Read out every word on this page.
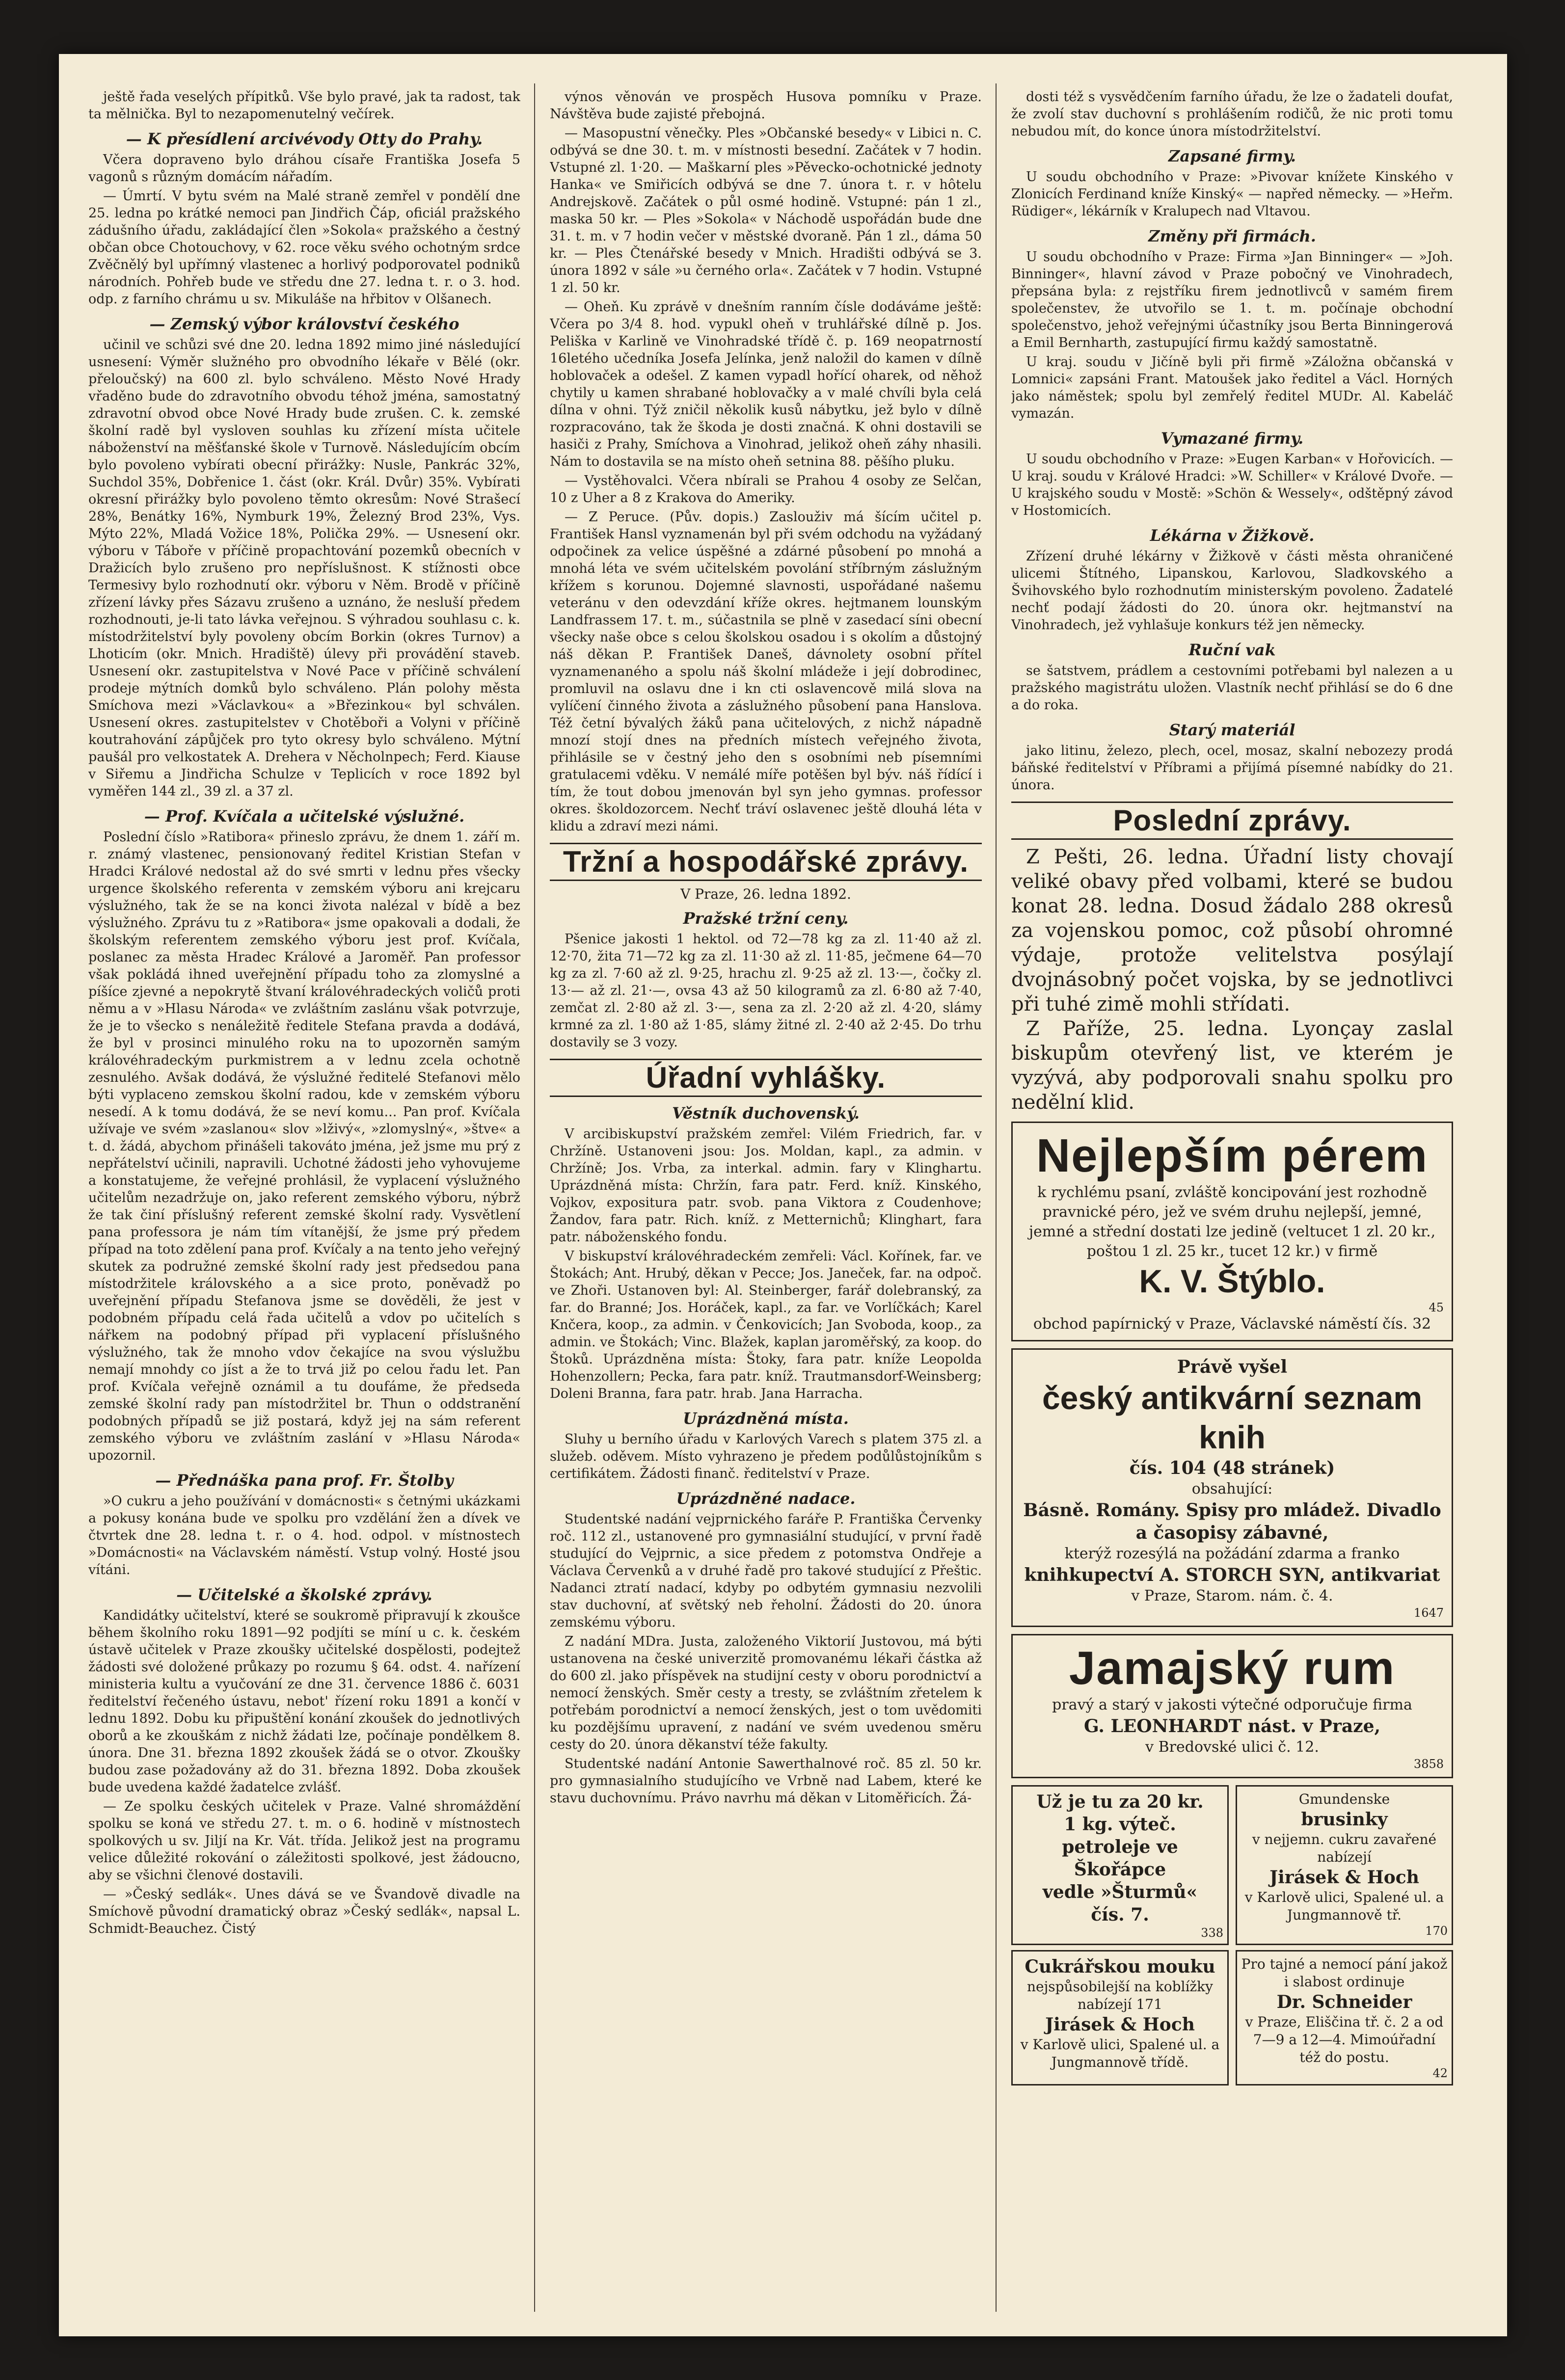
ještě řada veselých přípitků. Vše bylo pravé, jak ta radost, tak ta mělnička. Byl to nezapomenutelný večírek.

— K přesídlení arcivévody Otty do Prahy.

Včera dopraveno bylo dráhou císaře Františka Josefa 5 vagonů s různým domácím nářadím.

— Úmrtí. V bytu svém na Malé straně zemřel v pondělí dne 25. ledna po krátké nemoci pan Jindřich Čáp, oficiál pražského zádušního úřadu, zakládající člen »Sokola« pražského a čestný občan obce Chotouchovy, v 62. roce věku svého ochotným srdce Zvěčnělý byl upřímný vlastenec a horlivý podporovatel podniků národních. Pohřeb bude ve středu dne 27. ledna t. r. o 3. hod. odp. z farního chrámu u sv. Mikuláše na hřbitov v Olšanech.

— Zemský výbor království českého

učinil ve schůzi své dne 20. ledna 1892 mimo jiné následující usnesení: Výměr služného pro obvodního lékaře v Bělé (okr. přeloučský) na 600 zl. bylo schváleno. Město Nové Hrady vřaděno bude do zdravotního obvodu téhož jména, samostatný zdravotní obvod obce Nové Hrady bude zrušen. C. k. zemské školní radě byl vysloven souhlas ku zřízení místa učitele náboženství na měšťanské škole v Turnově. Následujícím obcím bylo povoleno vybírati obecní přirážky: Nusle, Pankrác 32%, Suchdol 35%, Dobřenice 1. část (okr. Král. Dvůr) 35%. Vybírati okresní přirážky bylo povoleno těmto okresům: Nové Strašecí 28%, Benátky 16%, Nymburk 19%, Železný Brod 23%, Vys. Mýto 22%, Mladá Vožice 18%, Polička 29%. — Usnesení okr. výboru v Táboře v příčině propachtování pozemků obecních v Dražicích bylo zrušeno pro nepříslušnost. K stížnosti obce Termesivy bylo rozhodnutí okr. výboru v Něm. Brodě v příčině zřízení lávky přes Sázavu zrušeno a uznáno, že nesluší předem rozhodnouti, je-li tato lávka veřejnou. S výhradou souhlasu c. k. místodržitelství byly povoleny obcím Borkin (okres Turnov) a Lhoticím (okr. Mnich. Hradiště) úlevy při provádění staveb. Usnesení okr. zastupitelstva v Nové Pace v příčině schválení prodeje mýtních domků bylo schváleno. Plán polohy města Smíchova mezi »Václavkou« a »Březinkou« byl schválen. Usnesení okres. zastupitelstev v Chotěboři a Volyni v příčině koutrahování zápůjček pro tyto okresy bylo schváleno. Mýtní paušál pro velkostatek A. Dreherа v Něcholnpech; Ferd. Kiause v Siřemu a Jindřicha Schulze v Teplicích v roce 1892 byl vyměřen 144 zl., 39 zl. a 37 zl.

— Prof. Kvíčala a učitelské výslužné.

Poslední číslo »Ratibora« přineslo zprávu, že dnem 1. září m. r. známý vlastenec, pensionovaný ředitel Kristian Stefan v Hradci Králové nedostal až do své smrti v lednu přes všecky urgence školského referenta v zemském výboru ani krejcaru výslužného, tak že se na konci života nalézal v bídě a bez výslužného. Zprávu tu z »Ratibora« jsme opakovali a dodali, že školským referentem zemského výboru jest prof. Kvíčala, poslanec za města Hradec Králové a Jaroměř. Pan professor však pokládá ihned uveřejnění případu toho za zlomyslné a píšíce zjevné a nepokrytě štvaní královéhradeckých voličů proti němu a v »Hlasu Národa« ve zvláštním zaslánu však potvrzuje, že je to všecko s nenáležitě ředitele Stefana pravda a dodává, že byl v prosinci minulého roku na to upozorněn samým královéhradeckým purkmistrem a v lednu zcela ochotně zesnulého. Avšak dodává, že výslužné ředitelé Stefanovi mělo býti vyplaceno zemskou školní radou, kde v zemském výboru nesedí. A k tomu dodává, že se neví komu... Pan prof. Kvíčala užívaje ve svém »zaslanou« slov »lživý«, »zlomyslný«, »štve« a t. d. žádá, abychom přinášeli takováto jména, jež jsme mu prý z nepřátelství učinili, napravili. Uchotné žádosti jeho vyhovujeme a konstatujeme, že veřejné prohlásil, že vyplacení výslužného učitelům nezadržuje on, jako referent zemského výboru, nýbrž že tak činí příslušný referent zemské školní rady. Vysvětlení pana professora je nám tím vítanější, že jsme prý předem případ na toto zdělení pana prof. Kvíčaly a na tento jeho veřejný skutek za podružné zemské školní rady jest předsedou pana místodržitele královského a a sice proto, poněvadž po uveřejnění případu Stefanova jsme se dověděli, že jest v podobném případu celá řada učitelů a vdov po učitelích s nářkem na podobný případ při vyplacení příslušného výslužného, tak že mnoho vdov čekajíce na svou výslužbu nemají mnohdy co jíst a že to trvá již po celou řadu let. Pan prof. Kvíčala veřejně oznámil a tu doufáme, že předseda zemské školní rady pan místodržitel br. Thun o oddstranění podobných případů se již postará, když jej na sám referent zemského výboru ve zvláštním zaslání v »Hlasu Národa« upozornil.

— Přednáška pana prof. Fr. Štolby

»O cukru a jeho používání v domácnosti« s četnými ukázkami a pokusy konána bude ve spolku pro vzdělání žen a dívek ve čtvrtek dne 28. ledna t. r. o 4. hod. odpol. v místnostech »Domácnosti« na Václavském náměstí. Vstup volný. Hosté jsou vítáni.

— Učitelské a školské zprávy.

Kandidátky učitelství, které se soukromě připravují k zkoušce během školního roku 1891—92 podjíti se míní u c. k. českém ústavě učitelek v Praze zkoušky učitelské dospělosti, podejtež žádosti své doložené průkazy po rozumu § 64. odst. 4. nařízení ministeria kultu a vyučování ze dne 31. července 1886 č. 6031 ředitelství řečeného ústavu, nebot' řízení roku 1891 a končí v lednu 1892. Dobu ku připuštění konání zkoušek do jednotlivých oborů a ke zkouškám z nichž žádati lze, počínaje pondělkem 8. února. Dne 31. března 1892 zkoušek žádá se o otvor. Zkoušky budou zase požadovány až do 31. března 1892. Doba zkoušek bude uvedena každé žadatelce zvlášť.

— Ze spolku českých učitelek v Praze. Valné shromáždění spolku se koná ve středu 27. t. m. o 6. hodině v místnostech spolkových u sv. Jiljí na Kr. Vát. třída. Jelikož jest na programu velice důležité rokování o záležitosti spolkové, jest žádoucno, aby se všichni členové dostavili.

— »Český sedlák«. Unes dává se ve Švandově divadle na Smíchově původní dramatický obraz »Český sedlák«, napsal L. Schmidt-Beauchez. Čistý

výnos věnován ve prospěch Husova pomníku v Praze. Návštěva bude zajisté přebojná.

— Masopustní věnečky. Ples »Občanské besedy« v Libici n. C. odbývá se dne 30. t. m. v místnosti besední. Začátek v 7 hodin. Vstupné zl. 1·20. — Maškarní ples »Pěvecko-ochotnické jednoty Hanka« ve Smiřicích odbývá se dne 7. února t. r. v hôtelu Andrejskově. Začátek o půl osmé hodině. Vstupné: pán 1 zl., maska 50 kr. — Ples »Sokola« v Náchodě uspořádán bude dne 31. t. m. v 7 hodin večer v městské dvoraně. Pán 1 zl., dáma 50 kr. — Ples Čtenářské besedy v Mnich. Hradišti odbývá se 3. února 1892 v sále »u černého orla«. Začátek v 7 hodin. Vstupné 1 zl. 50 kr.

— Oheň. Ku zprávě v dnešním ranním čísle dodáváme ještě: Včera po 3/4 8. hod. vypukl oheň v truhlářské dílně p. Jos. Peliška v Karlině ve Vinohradské třídě č. p. 169 neopatrností 16letého učedníka Josefa Jelínka, jenž naložil do kamen v dílně hoblovaček a odešel. Z kamen vypadl hořící oharek, od něhož chytily u kamen shrabané hoblovačky a v malé chvíli byla celá dílna v ohni. Týž zničil několik kusů nábytku, jež bylo v dílně rozpracováno, tak že škoda je dosti značná. K ohni dostavili se hasiči z Prahy, Smíchova a Vinohrad, jelikož oheň záhy nhasili. Nám to dostavila se na místo oheň setnina 88. pěšího pluku.

— Vystěhovalci. Včera nbírali se Prahou 4 osoby ze Selčan, 10 z Uher a 8 z Krakova do Ameriky.

— Z Peruce. (Pův. dopis.) Zaslouživ má šícím učitel p. František Hansl vyznamenán byl při svém odchodu na vyžádaný odpočinek za velice úspěšné a zdárné působení po mnohá a mnohá léta ve svém učitelském povolání stříbrným záslužným křížem s korunou. Dojemné slavnosti, uspořádané našemu veteránu v den odevzdání kříže okres. hejtmanem lounským Landfrassem 17. t. m., súčastnila se plně v zasedací síni obecní všecky naše obce s celou školskou osadou i s okolím a důstojný náš děkan P. František Daneš, dávnolety osobní přítel vyznamenaného a spolu náš školní mládeže i její dobrodinec, promluvil na oslavu dne i kn cti oslavencově milá slova na vylíčení činného života a záslužného působení pana Hanslova. Též četní bývalých žáků pana učitelových, z nichž nápadně mnozí stojí dnes na předních místech veřejného života, přihlásile se v čestný jeho den s osobními neb písemními gratulacemi vděku. V nemálé míře potěšen byl býv. náš řídící i tím, že tout dobou jmenován byl syn jeho gymnas. professor okres. školdozorcem. Nechť tráví oslavenec ještě dlouhá léta v klidu a zdraví mezi námi.

Tržní a hospodářské zprávy.
V Praze, 26. ledna 1892.
Pražské tržní ceny.

Pšenice jakosti 1 hektol. od 72—78 kg za zl. 11·40 až zl. 12·70, žita 71—72 kg za zl. 11·30 až zl. 11·85, ječmene 64—70 kg za zl. 7·60 až zl. 9·25, hrachu zl. 9·25 až zl. 13·—, čočky zl. 13·— až zl. 21·—, ovsa 43 až 50 kilogramů za zl. 6·80 až 7·40, zemčat zl. 2·80 až zl. 3·—, sena za zl. 2·20 až zl. 4·20, slámy krmné za zl. 1·80 až 1·85, slámy žitné zl. 2·40 až 2·45. Do trhu dostavily se 3 vozy.

Úřadní vyhlášky.
Věstník duchovenský.

V arcibiskupství pražském zemřel: Vilém Friedrich, far. v Chržíně. Ustanoveni jsou: Jos. Moldan, kapl., za admin. v Chržíně; Jos. Vrba, za interkal. admin. fary v Klinghartu. Uprázdněná místa: Chržín, fara patr. Ferd. kníž. Kinského, Vojkov, expositura patr. svob. pana Viktora z Coudenhove; Žandov, fara patr. Rich. kníž. z Metternichů; Klinghart, fara patr. náboženského fondu.

V biskupství královéhradeckém zemřeli: Václ. Kořínek, far. ve Štokách; Ant. Hrubý, děkan v Pecce; Jos. Janeček, far. na odpoč. ve Zhoři. Ustanoven byl: Al. Steinberger, farář dolebranský, za far. do Branné; Jos. Horáček, kapl., za far. ve Vorlíčkách; Karel Knčera, koop., za admin. v Čenkovicích; Jan Svoboda, koop., za admin. ve Štokách; Vinc. Blažek, kaplan jaroměřský, za koop. do Štoků. Uprázdněna místa: Štoky, fara patr. kníže Leopolda Hohenzollern; Pecka, fara patr. kníž. Trautmansdorf-Weinsberg; Doleni Branna, fara patr. hrab. Jana Harracha.

Uprázdněná místa.

Sluhy u berního úřadu v Karlových Varech s platem 375 zl. a služeb. oděvem. Místo vyhrazeno je předem podůlůstojníkům s certifikátem. Žádosti finanč. ředitelství v Praze.

Uprázdněné nadace.

Studentské nadání vejprnického faráře P. Františka Červenky roč. 112 zl., ustanovené pro gymnasiální studující, v první řadě studující do Vejprnic, a sice předem z potomstva Ondřeje a Václava Červenků a v druhé řadě pro takové studující z Přeštic. Nadanci ztratí nadací, kdyby po odbytém gymnasiu nezvolili stav duchovní, ať světský neb řeholní. Žádosti do 20. února zemskému výboru.

Z nadání MDra. Justa, založeného Viktorií Justovou, má býti ustanovena na české univerzitě promovanému lékaři částka až do 600 zl. jako příspěvek na studijní cesty v oboru porodnictví a nemocí ženských. Směr cesty a tresty, se zvláštním zřetelem k potřebám porodnictví a nemocí ženských, jest o tom uvědomiti ku pozdějšímu upravení, z nadání ve svém uvedenou směru cesty do 20. února děkanství téže fakulty.

Studentské nadání Antonie Sawerthalnové roč. 85 zl. 50 kr. pro gymnasialního studujícího ve Vrbně nad Labem, které ke stavu duchovnímu. Právo navrhu má děkan v Litoměřicích. Žá-

dosti též s vysvědčením farního úřadu, že lze o žadateli doufat, že zvolí stav duchovní s prohlášením rodičů, že nic proti tomu nebudou mít, do konce února místodržitelství.

Zapsané firmy.

U soudu obchodního v Praze: »Pivovar knížete Kinského v Zlonicích Ferdinand kníže Kinský« — napřed německy. — »Heřm. Rüdiger«, lékárník v Kralupech nad Vltavou.

Změny při firmách.

U soudu obchodního v Praze: Firma »Jan Binninger« — »Joh. Binninger«, hlavní závod v Praze pobočný ve Vinohradech, přepsána byla: z rejstříku firem jednotlivců v samém firem společenstev, že utvořilo se 1. t. m. počínaje obchodní společenstvo, jehož veřejnými účastníky jsou Berta Binningerová a Emil Bernharth, zastupující firmu každý samostatně.

U kraj. soudu v Jičíně byli při firmě »Záložna občanská v Lomnici« zapsáni Frant. Matoušek jako ředitel a Václ. Horných jako náměstek; spolu byl zemřelý ředitel MUDr. Al. Kabeláč vymazán.

Vymazané firmy.

U soudu obchodního v Praze: »Eugen Karban« v Hořovicích. — U kraj. soudu v Králové Hradci: »W. Schiller« v Králové Dvoře. — U krajského soudu v Mostě: »Schön & Wessely«, odštěpný závod v Hostomicích.

Lékárna v Žižkově.

Zřízení druhé lékárny v Žižkově v části města ohraničené ulicemi Štítného, Lipanskou, Karlovou, Sladkovského a Švihovského bylo rozhodnutím ministerským povoleno. Žadatelé nechť podají žádosti do 20. února okr. hejtmanství na Vinohradech, jež vyhlašuje konkurs též jen německy.

Ruční vak

se šatstvem, prádlem a cestovními potřebami byl nalezen a u pražského magistrátu uložen. Vlastník nechť přihlásí se do 6 dne a do roka.

Starý materiál

jako litinu, železo, plech, ocel, mosaz, skalní nebozezy prodá báňské ředitelství v Příbrami a přijímá písemné nabídky do 21. února.

Poslední zprávy.

Z Pešti, 26. ledna. Úřadní listy chovají veliké obavy před volbami, které se budou konat 28. ledna. Dosud žádalo 288 okresů za vojenskou pomoc, což působí ohromné výdaje, protože velitelstva posýlají dvojnásobný počet vojska, by se jednotlivci při tuhé zimě mohli střídati.

Z Paříže, 25. ledna. Lyonçay zaslal biskupům otevřený list, ve kterém je vyzývá, aby podporovali snahu spolku pro nedělní klid.

Nejlepším pérem
k rychlému psaní, zvláště koncipování jest rozhodně pravnické péro, jež ve svém druhu nejlepší, jemné, jemné a střední dostati lze jedině (veltucet 1 zl. 20 kr., poštou 1 zl. 25 kr., tucet 12 kr.) v firmě
K. V. Štýblo.
45
obchod papírnický v Praze, Václavské náměstí čís. 32
Právě vyšel
český antikvární seznam knih
čís. 104 (48 stránek)
obsahující:
Básně. Romány. Spisy pro mládež. Divadlo a časopisy zábavné,
kterýž rozesýlá na požádání zdarma a franko
knihkupectví A. STORCH SYN, antikvariat
v Praze, Starom. nám. č. 4.
1647
Jamajský rum
pravý a starý v jakosti výtečné odporučuje firma
G. LEONHARDT nást. v Praze,
v Bredovské ulici č. 12.
3858
Už je tu za 20 kr.
1 kg. výteč. petroleje ve Škořápce
vedle »Šturmů«
čís. 7.
338
Gmundenske
brusinky
v nejjemn. cukru zavařené nabízejí
Jirásek & Hoch
v Karlově ulici, Spalené ul. a Jungmannově tř.
170
Cukrářskou mouku
nejspůsobilejší na koblížky nabízejí 171
Jirásek & Hoch
v Karlově ulici, Spalené ul. a Jungmannově třídě.
Pro tajné a nemocí pání jakož i slabost ordinuje
Dr. Schneider
v Praze, Eliščina tř. č. 2 a od 7—9 a 12—4. Mimoúřadní též do postu.
42
